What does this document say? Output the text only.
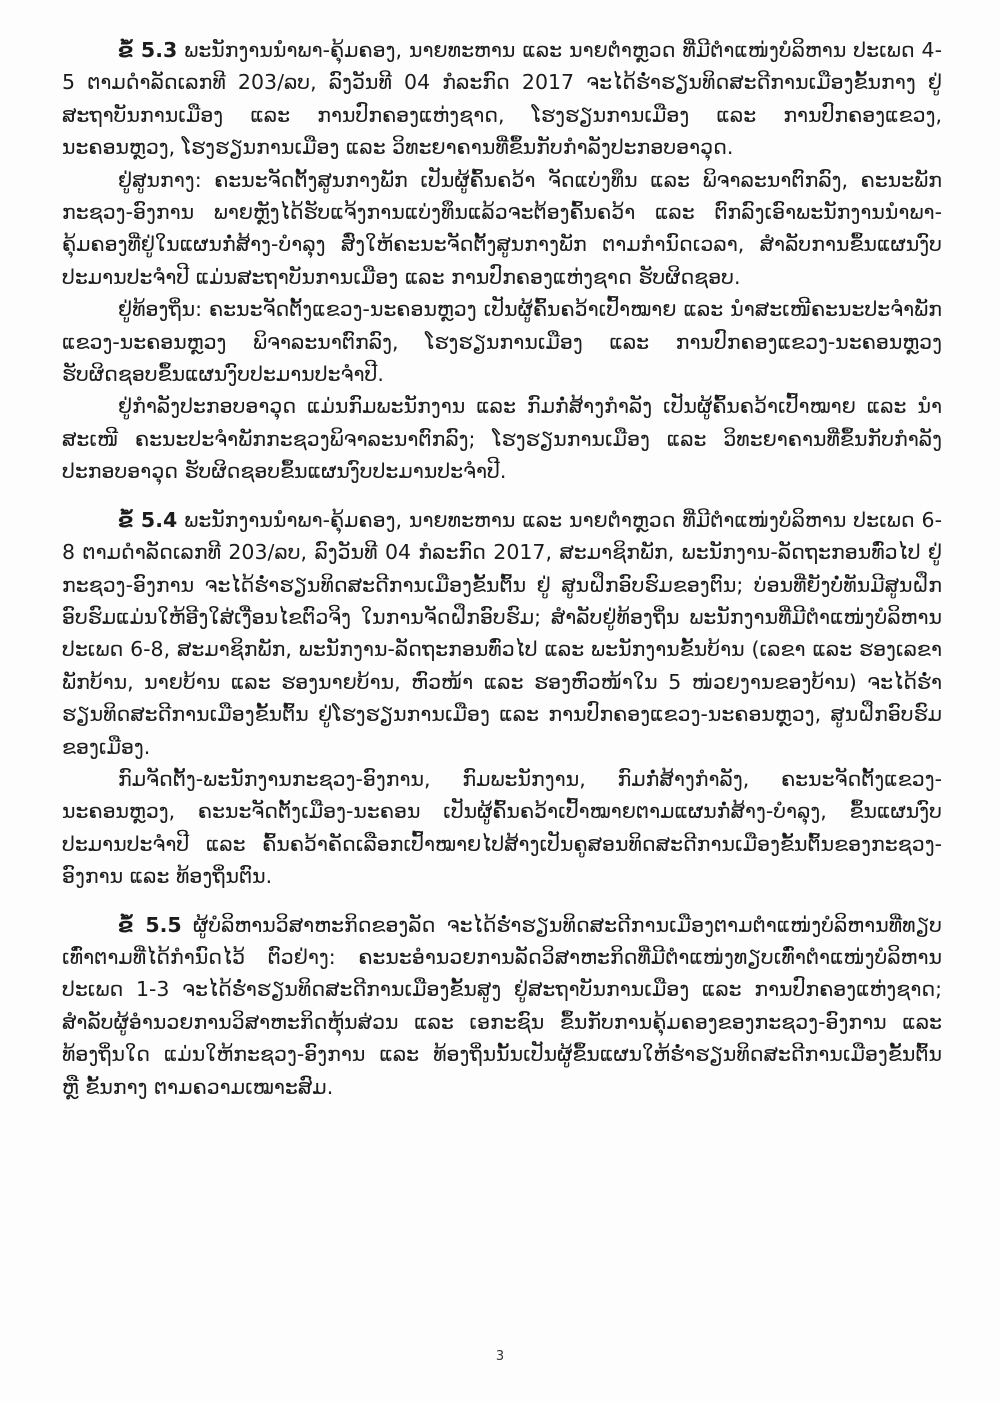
ຂໍ້ 5.3 ພະນັກງານນຳພາ-ຄຸ້ມຄອງ, ນາຍທະຫານ ແລະ ນາຍຕຳຫຼວດ ທີ່ມີຕຳແໜ່ງບໍລິຫານ ປະເພດ 4-5 ຕາມດຳລັດເລກທີ 203/ລບ, ລົງວັນທີ 04 ກໍລະກົດ 2017 ຈະໄດ້ຮ່ຳຮຽນທິດສະດີການເມືອງຂັ້ນກາງ ຢູ່ສະຖາບັນການເມືອງ ແລະ ການປົກຄອງແຫ່ງຊາດ, ໂຮງຮຽນການເມືອງ ແລະ ການປົກຄອງແຂວງ, ນະຄອນຫຼວງ, ໂຮງຮຽນການເມືອງ ແລະ ວິທະຍາຄານທີ່ຂຶ້ນກັບກຳລັງປະກອບອາວຸດ.

ຢູ່ສູນກາງ: ຄະນະຈັດຕັ້ງສູນກາງພັກ ເປັນຜູ້ຄົ້ນຄວ້າ ຈັດແບ່ງທຶນ ແລະ ພິຈາລະນາຕົກລົງ, ຄະນະພັກ ກະຊວງ-ອົງການ ພາຍຫຼັງໄດ້ຮັບແຈ້ງການແບ່ງທຶນແລ້ວຈະຕ້ອງຄົ້ນຄວ້າ ແລະ ຕົກລົງເອົາພະນັກງານນຳພາ-ຄຸ້ມຄອງທີ່ຢູ່ໃນແຜນກໍ່ສ້າງ-ບຳລຸງ ສົ່ງໃຫ້ຄະນະຈັດຕັ້ງສູນກາງພັກ ຕາມກຳນົດເວລາ, ສຳລັບການຂຶ້ນແຜນງົບປະມານປະຈຳປີ ແມ່ນສະຖາບັນການເມືອງ ແລະ ການປົກຄອງແຫ່ງຊາດ ຮັບຜິດຊອບ.

ຢູ່ທ້ອງຖິ່ນ: ຄະນະຈັດຕັ້ງແຂວງ-ນະຄອນຫຼວງ ເປັນຜູ້ຄົ້ນຄວ້າເປົ້າໝາຍ ແລະ ນຳສະເໜີຄະນະປະຈຳພັກແຂວງ-ນະຄອນຫຼວງ ພິຈາລະນາຕົກລົງ, ໂຮງຮຽນການເມືອງ ແລະ ການປົກຄອງແຂວງ-ນະຄອນຫຼວງ ຮັບຜິດຊອບຂຶ້ນແຜນງົບປະມານປະຈຳປີ.

ຢູ່ກຳລັງປະກອບອາວຸດ ແມ່ນກົມພະນັກງານ ແລະ ກົມກໍ່ສ້າງກຳລັງ ເປັນຜູ້ຄົ້ນຄວ້າເປົ້າໝາຍ ແລະ ນຳສະເໜີ ຄະນະປະຈຳພັກກະຊວງພິຈາລະນາຕົກລົງ; ໂຮງຮຽນການເມືອງ ແລະ ວິທະຍາຄານທີ່ຂຶ້ນກັບກຳລັງປະກອບອາວຸດ ຮັບຜິດຊອບຂຶ້ນແຜນງົບປະມານປະຈຳປີ.

ຂໍ້ 5.4 ພະນັກງານນຳພາ-ຄຸ້ມຄອງ, ນາຍທະຫານ ແລະ ນາຍຕຳຫຼວດ ທີ່ມີຕຳແໜ່ງບໍລິຫານ ປະເພດ 6-8 ຕາມດຳລັດເລກທີ 203/ລບ, ລົງວັນທີ 04 ກໍລະກົດ 2017, ສະມາຊິກພັກ, ພະນັກງານ-ລັດຖະກອນທົ່ວໄປ ຢູ່ກະຊວງ-ອົງການ ຈະໄດ້ຮ່ຳຮຽນທິດສະດີການເມືອງຂັ້ນຕົ້ນ ຢູ່ ສູນຝຶກອົບຮົມຂອງຕົນ; ບ່ອນທີ່ຍັງບໍ່ທັນມີສູນຝຶກອົບຮົມແມ່ນໃຫ້ອີງໃສ່ເງື່ອນໄຂຕົວຈິງ ໃນການຈັດຝຶກອົບຮົມ; ສຳລັບຢູ່ທ້ອງຖິ່ນ ພະນັກງານທີ່ມີຕຳແໜ່ງບໍລິຫານປະເພດ 6-8, ສະມາຊິກພັກ, ພະນັກງານ-ລັດຖະກອນທົ່ວໄປ ແລະ ພະນັກງານຂັ້ນບ້ານ (ເລຂາ ແລະ ຮອງເລຂາພັກບ້ານ, ນາຍບ້ານ ແລະ ຮອງນາຍບ້ານ, ຫົວໜ້າ ແລະ ຮອງຫົວໜ້າໃນ 5 ໜ່ວຍງານຂອງບ້ານ) ຈະໄດ້ຮ່ຳຮຽນທິດສະດີການເມືອງຂັ້ນຕົ້ນ ຢູ່ໂຮງຮຽນການເມືອງ ແລະ ການປົກຄອງແຂວງ-ນະຄອນຫຼວງ, ສູນຝຶກອົບຮົມຂອງເມືອງ.

ກົມຈັດຕັ້ງ-ພະນັກງານກະຊວງ-ອົງການ, ກົມພະນັກງານ, ກົມກໍ່ສ້າງກຳລັງ, ຄະນະຈັດຕັ້ງແຂວງ-ນະຄອນຫຼວງ, ຄະນະຈັດຕັ້ງເມືອງ-ນະຄອນ ເປັນຜູ້ຄົ້ນຄວ້າເປົ້າໝາຍຕາມແຜນກໍ່ສ້າງ-ບຳລຸງ, ຂຶ້ນແຜນງົບປະມານປະຈຳປີ ແລະ ຄົ້ນຄວ້າຄັດເລືອກເປົ້າໝາຍໄປສ້າງເປັນຄູສອນທິດສະດີການເມືອງຂັ້ນຕົ້ນຂອງກະຊວງ-ອົງການ ແລະ ທ້ອງຖິ່ນຕົນ.

ຂໍ້ 5.5 ຜູ້ບໍລິຫານວິສາຫະກິດຂອງລັດ ຈະໄດ້ຮ່ຳຮຽນທິດສະດີການເມືອງຕາມຕຳແໜ່ງບໍລິຫານທີ່ທຽບເທົ່າຕາມທີ່ໄດ້ກຳນົດໄວ້ ຕົວຢ່າງ: ຄະນະອຳນວຍການລັດວິສາຫະກິດທີ່ມີຕຳແໜ່ງທຽບເທົ່າຕຳແໜ່ງບໍລິຫານ ປະເພດ 1-3 ຈະໄດ້ຮ່ຳຮຽນທິດສະດີການເມືອງຂັ້ນສູງ ຢູ່ສະຖາບັນການເມືອງ ແລະ ການປົກຄອງແຫ່ງຊາດ; ສຳລັບຜູ້ອຳນວຍການວິສາຫະກິດຫຸ້ນສ່ວນ ແລະ ເອກະຊົນ ຂຶ້ນກັບການຄຸ້ມຄອງຂອງກະຊວງ-ອົງການ ແລະ ທ້ອງຖິ່ນໃດ ແມ່ນໃຫ້ກະຊວງ-ອົງການ ແລະ ທ້ອງຖິ່ນນັ້ນເປັນຜູ້ຂຶ້ນແຜນໃຫ້ຮ່ຳຮຽນທິດສະດີການເມືອງຂັ້ນຕົ້ນ ຫຼື ຂັ້ນກາງ ຕາມຄວາມເໝາະສົມ.

3
